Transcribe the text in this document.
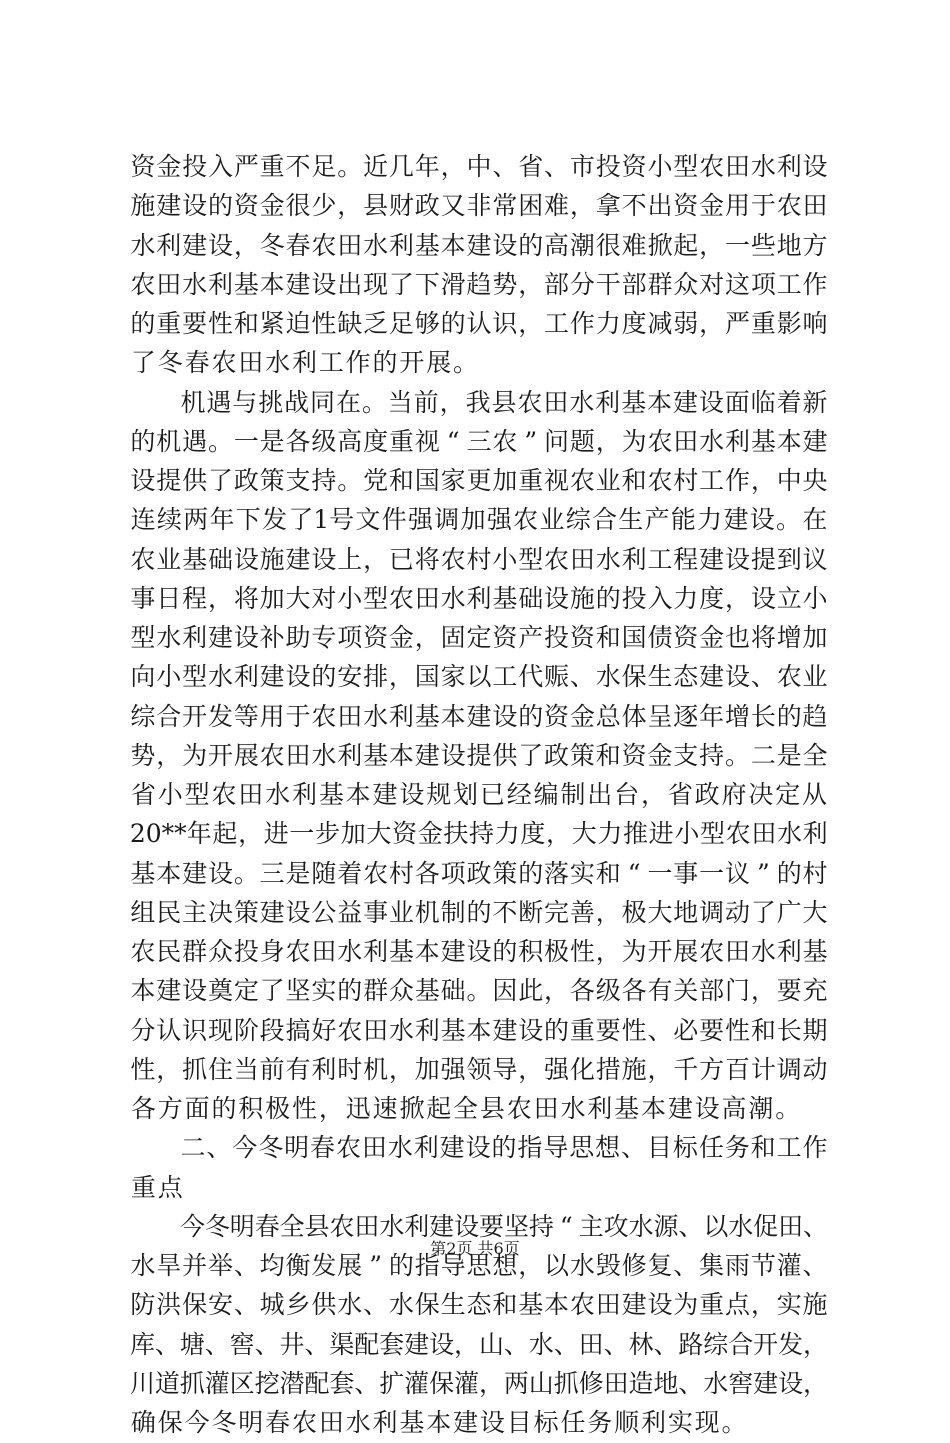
资 金 投 入 严 重 不 足 。 近 几 年 ， 中 、 省 、 市 投 资 小 型 农 田 水 利 设
施 建 设 的 资 金 很 少 ， 县 财 政 又 非 常 困 难 ， 拿 不 出 资 金 用 于 农 田
水 利 建 设 ， 冬 春 农 田 水 利 基 本 建 设 的 高 潮 很 难 掀 起 ， 一 些 地 方
农 田 水 利 基 本 建 设 出 现 了 下 滑 趋 势 ， 部 分 干 部 群 众 对 这 项 工 作
的 重 要 性 和 紧 迫 性 缺 乏 足 够 的 认 识 ， 工 作 力 度 减 弱 ， 严 重 影 响
了 冬 春 农 田 水 利 工 作 的 开 展 。
机 遇 与 挑 战 同 在 。 当 前 ， 我 县 农 田 水 利 基 本 建 设 面 临 着 新
的 机 遇 。 一 是 各 级 高 度 重 视 “ 三 农 ” 问 题 ， 为 农 田 水 利 基 本 建
设 提 供 了 政 策 支 持 。 党 和 国 家 更 加 重 视 农 业 和 农 村 工 作 ， 中 央
连 续 两 年 下 发 了 1 号 文 件 强 调 加 强 农 业 综 合 生 产 能 力 建 设 。 在
农 业 基 础 设 施 建 设 上 ， 已 将 农 村 小 型 农 田 水 利 工 程 建 设 提 到 议
事 日 程 ， 将 加 大 对 小 型 农 田 水 利 基 础 设 施 的 投 入 力 度 ， 设 立 小
型 水 利 建 设 补 助 专 项 资 金 ， 固 定 资 产 投 资 和 国 债 资 金 也 将 增 加
向 小 型 水 利 建 设 的 安 排 ， 国 家 以 工 代 赈 、 水 保 生 态 建 设 、 农 业
综 合 开 发 等 用 于 农 田 水 利 基 本 建 设 的 资 金 总 体 呈 逐 年 增 长 的 趋
势 ， 为 开 展 农 田 水 利 基 本 建 设 提 供 了 政 策 和 资 金 支 持 。 二 是 全
省 小 型 农 田 水 利 基 本 建 设 规 划 已 经 编 制 出 台 ， 省 政 府 决 定 从
20** 年 起 ， 进 一 步 加 大 资 金 扶 持 力 度 ， 大 力 推 进 小 型 农 田 水 利
基 本 建 设 。 三 是 随 着 农 村 各 项 政 策 的 落 实 和 “ 一 事 一 议 ” 的 村
组 民 主 决 策 建 设 公 益 事 业 机 制 的 不 断 完 善 ， 极 大 地 调 动 了 广 大
农 民 群 众 投 身 农 田 水 利 基 本 建 设 的 积 极 性 ， 为 开 展 农 田 水 利 基
本 建 设 奠 定 了 坚 实 的 群 众 基 础 。 因 此 ， 各 级 各 有 关 部 门 ， 要 充
分 认 识 现 阶 段 搞 好 农 田 水 利 基 本 建 设 的 重 要 性 、 必 要 性 和 长 期
性 ， 抓 住 当 前 有 利 时 机 ， 加 强 领 导 ， 强 化 措 施 ， 千 方 百 计 调 动
各 方 面 的 积 极 性 ， 迅 速 掀 起 全 县 农 田 水 利 基 本 建 设 高 潮 。
二 、 今 冬 明 春 农 田 水 利 建 设 的 指 导 思 想 、 目 标 任 务 和 工 作
重 点
今 冬 明 春 全 县 农 田 水 利 建 设 要 坚 持 “ 主 攻 水 源 、 以 水 促 田 、
水 旱 并 举 、 均 衡 发 展 ” 的 指 导 思 想 ， 以 水 毁 修 复 、 集 雨 节 灌 、
防 洪 保 安 、 城 乡 供 水 、 水 保 生 态 和 基 本 农 田 建 设 为 重 点 ， 实 施
库 、 塘 、 窖 、 井 、 渠 配 套 建 设 ， 山 、 水 、 田 、 林 、 路 综 合 开 发 ，
川 道 抓 灌 区 挖 潜 配 套 、 扩 灌 保 灌 ， 两 山 抓 修 田 造 地 、 水 窖 建 设 ，
确 保 今 冬 明 春 农 田 水 利 基 本 建 设 目 标 任 务 顺 利 实 现 。
第2页 共6页
